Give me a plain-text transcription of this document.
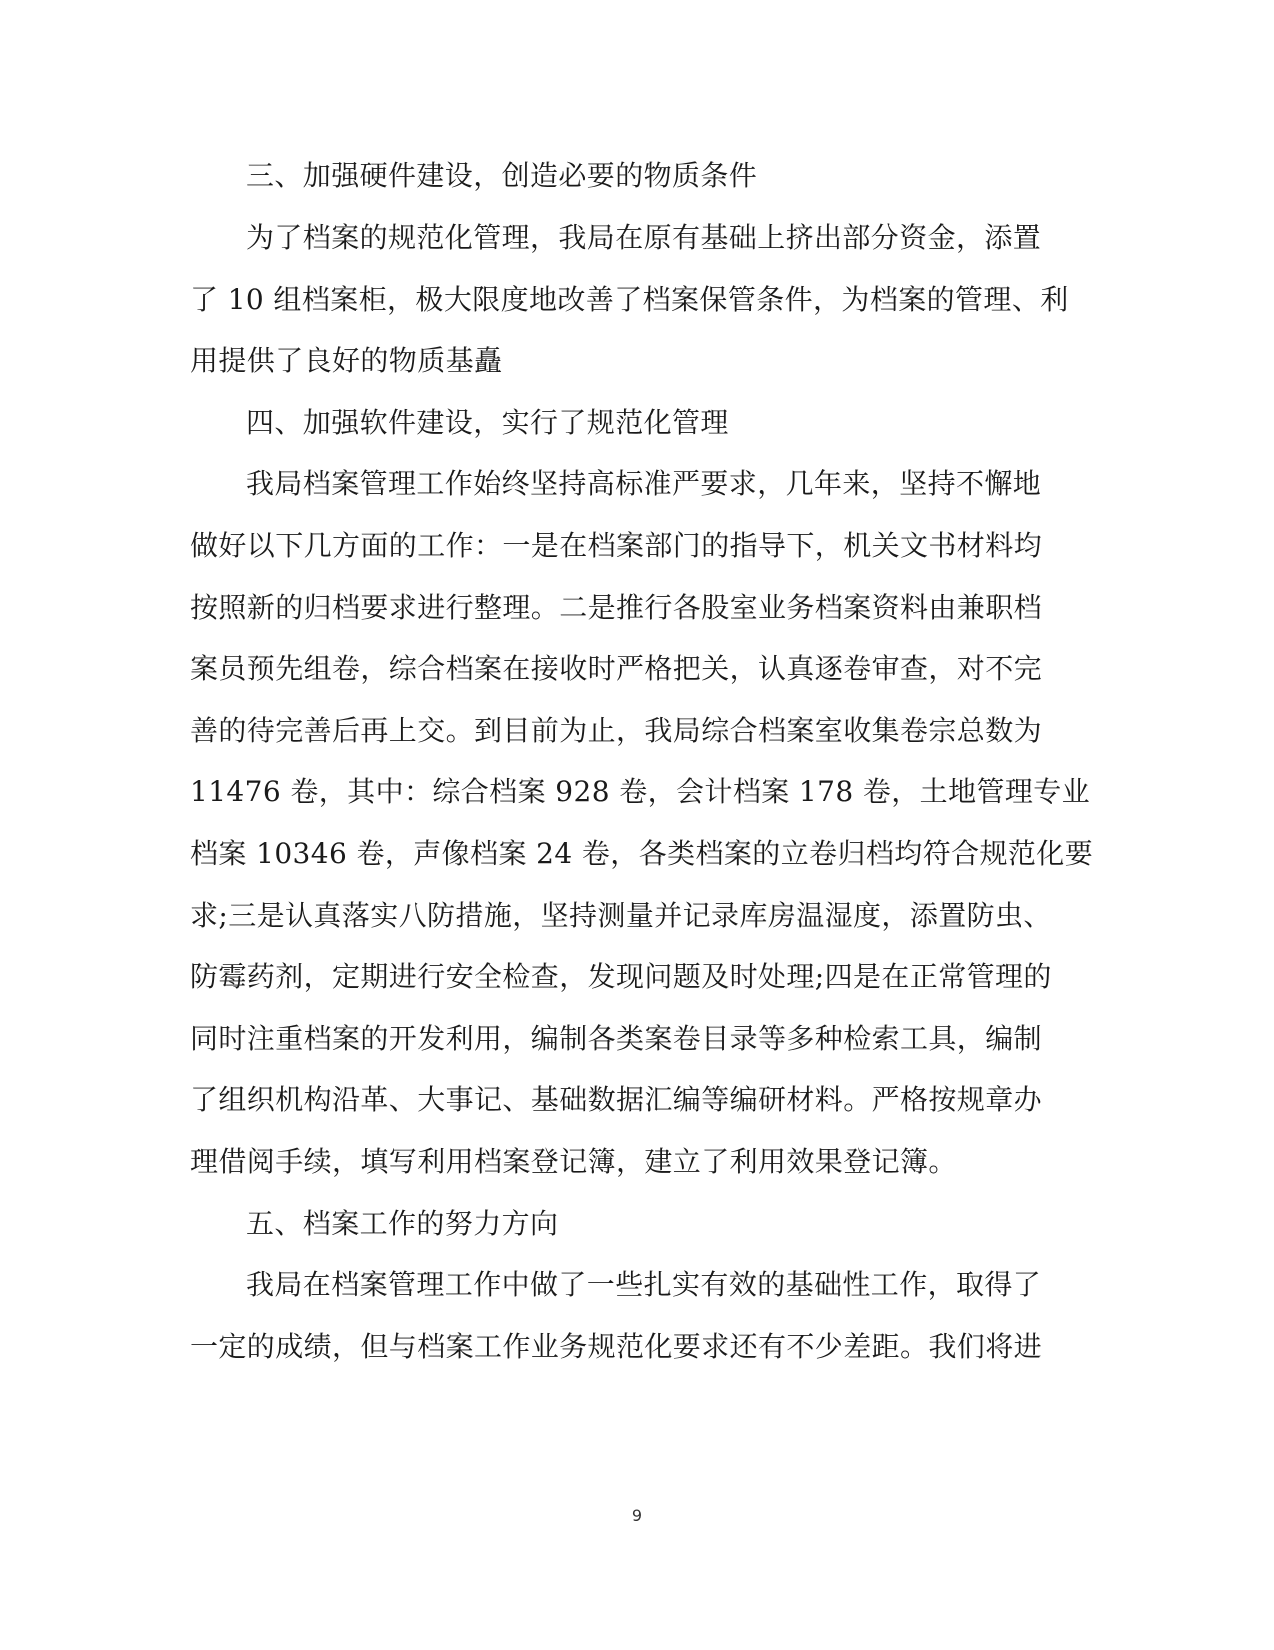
三、加强硬件建设，创造必要的物质条件
为了档案的规范化管理，我局在原有基础上挤出部分资金，添置
了 10 组档案柜，极大限度地改善了档案保管条件，为档案的管理、利
用提供了良好的物质基矗
四、加强软件建设，实行了规范化管理
我局档案管理工作始终坚持高标准严要求，几年来，坚持不懈地
做好以下几方面的工作：一是在档案部门的指导下，机关文书材料均
按照新的归档要求进行整理。二是推行各股室业务档案资料由兼职档
案员预先组卷，综合档案在接收时严格把关，认真逐卷审查，对不完
善的待完善后再上交。到目前为止，我局综合档案室收集卷宗总数为
11476 卷，其中：综合档案 928 卷，会计档案 178 卷，土地管理专业
档案 10346 卷，声像档案 24 卷，各类档案的立卷归档均符合规范化要
求;三是认真落实八防措施，坚持测量并记录库房温湿度，添置防虫、
防霉药剂，定期进行安全检查，发现问题及时处理;四是在正常管理的
同时注重档案的开发利用，编制各类案卷目录等多种检索工具，编制
了组织机构沿革、大事记、基础数据汇编等编研材料。严格按规章办
理借阅手续，填写利用档案登记簿，建立了利用效果登记簿。
五、档案工作的努力方向
我局在档案管理工作中做了一些扎实有效的基础性工作，取得了
一定的成绩，但与档案工作业务规范化要求还有不少差距。我们将进
9
